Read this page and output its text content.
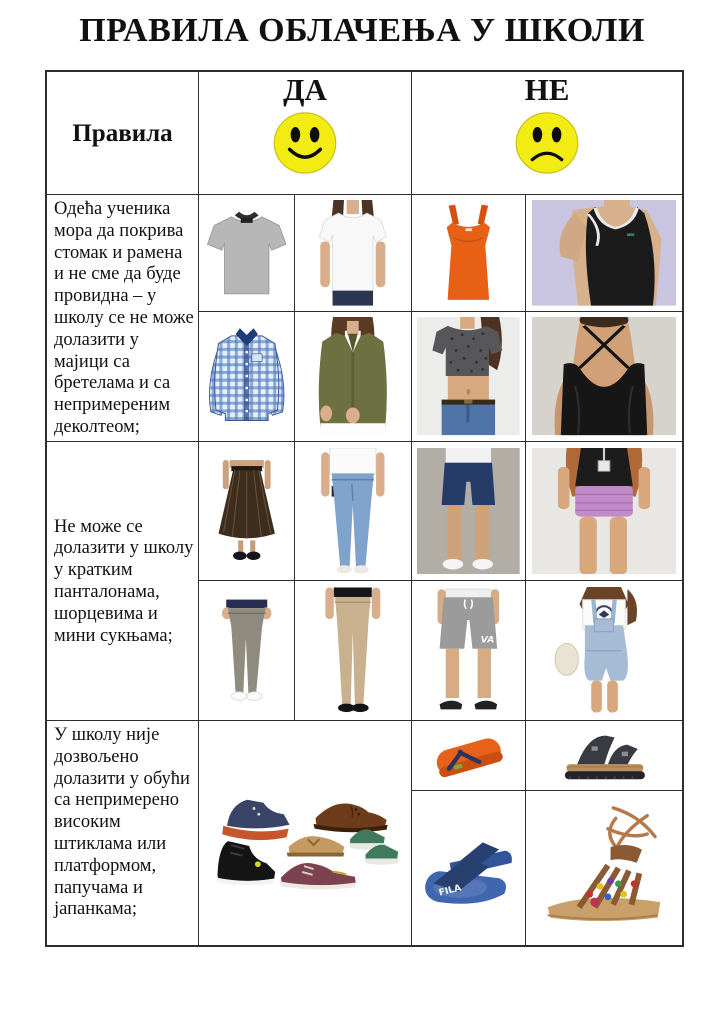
ПРАВИЛА ОБЛАЧЕЊА У ШКОЛИ
Правила
ДА	НЕ
Одећа ученика мора да покрива стомак и рамена и не сме да буде провидна – у школу се не може долазити у мајици са бретелама и са непримереним деколтеом;
Не може се долазити у школу у кратким панталонама, шорцевима и мини сукњама;	VA
У школу није дозвољено долазити у обући са непримерено високим штиклама или платформом, папучама и јапанкама;
FILA
